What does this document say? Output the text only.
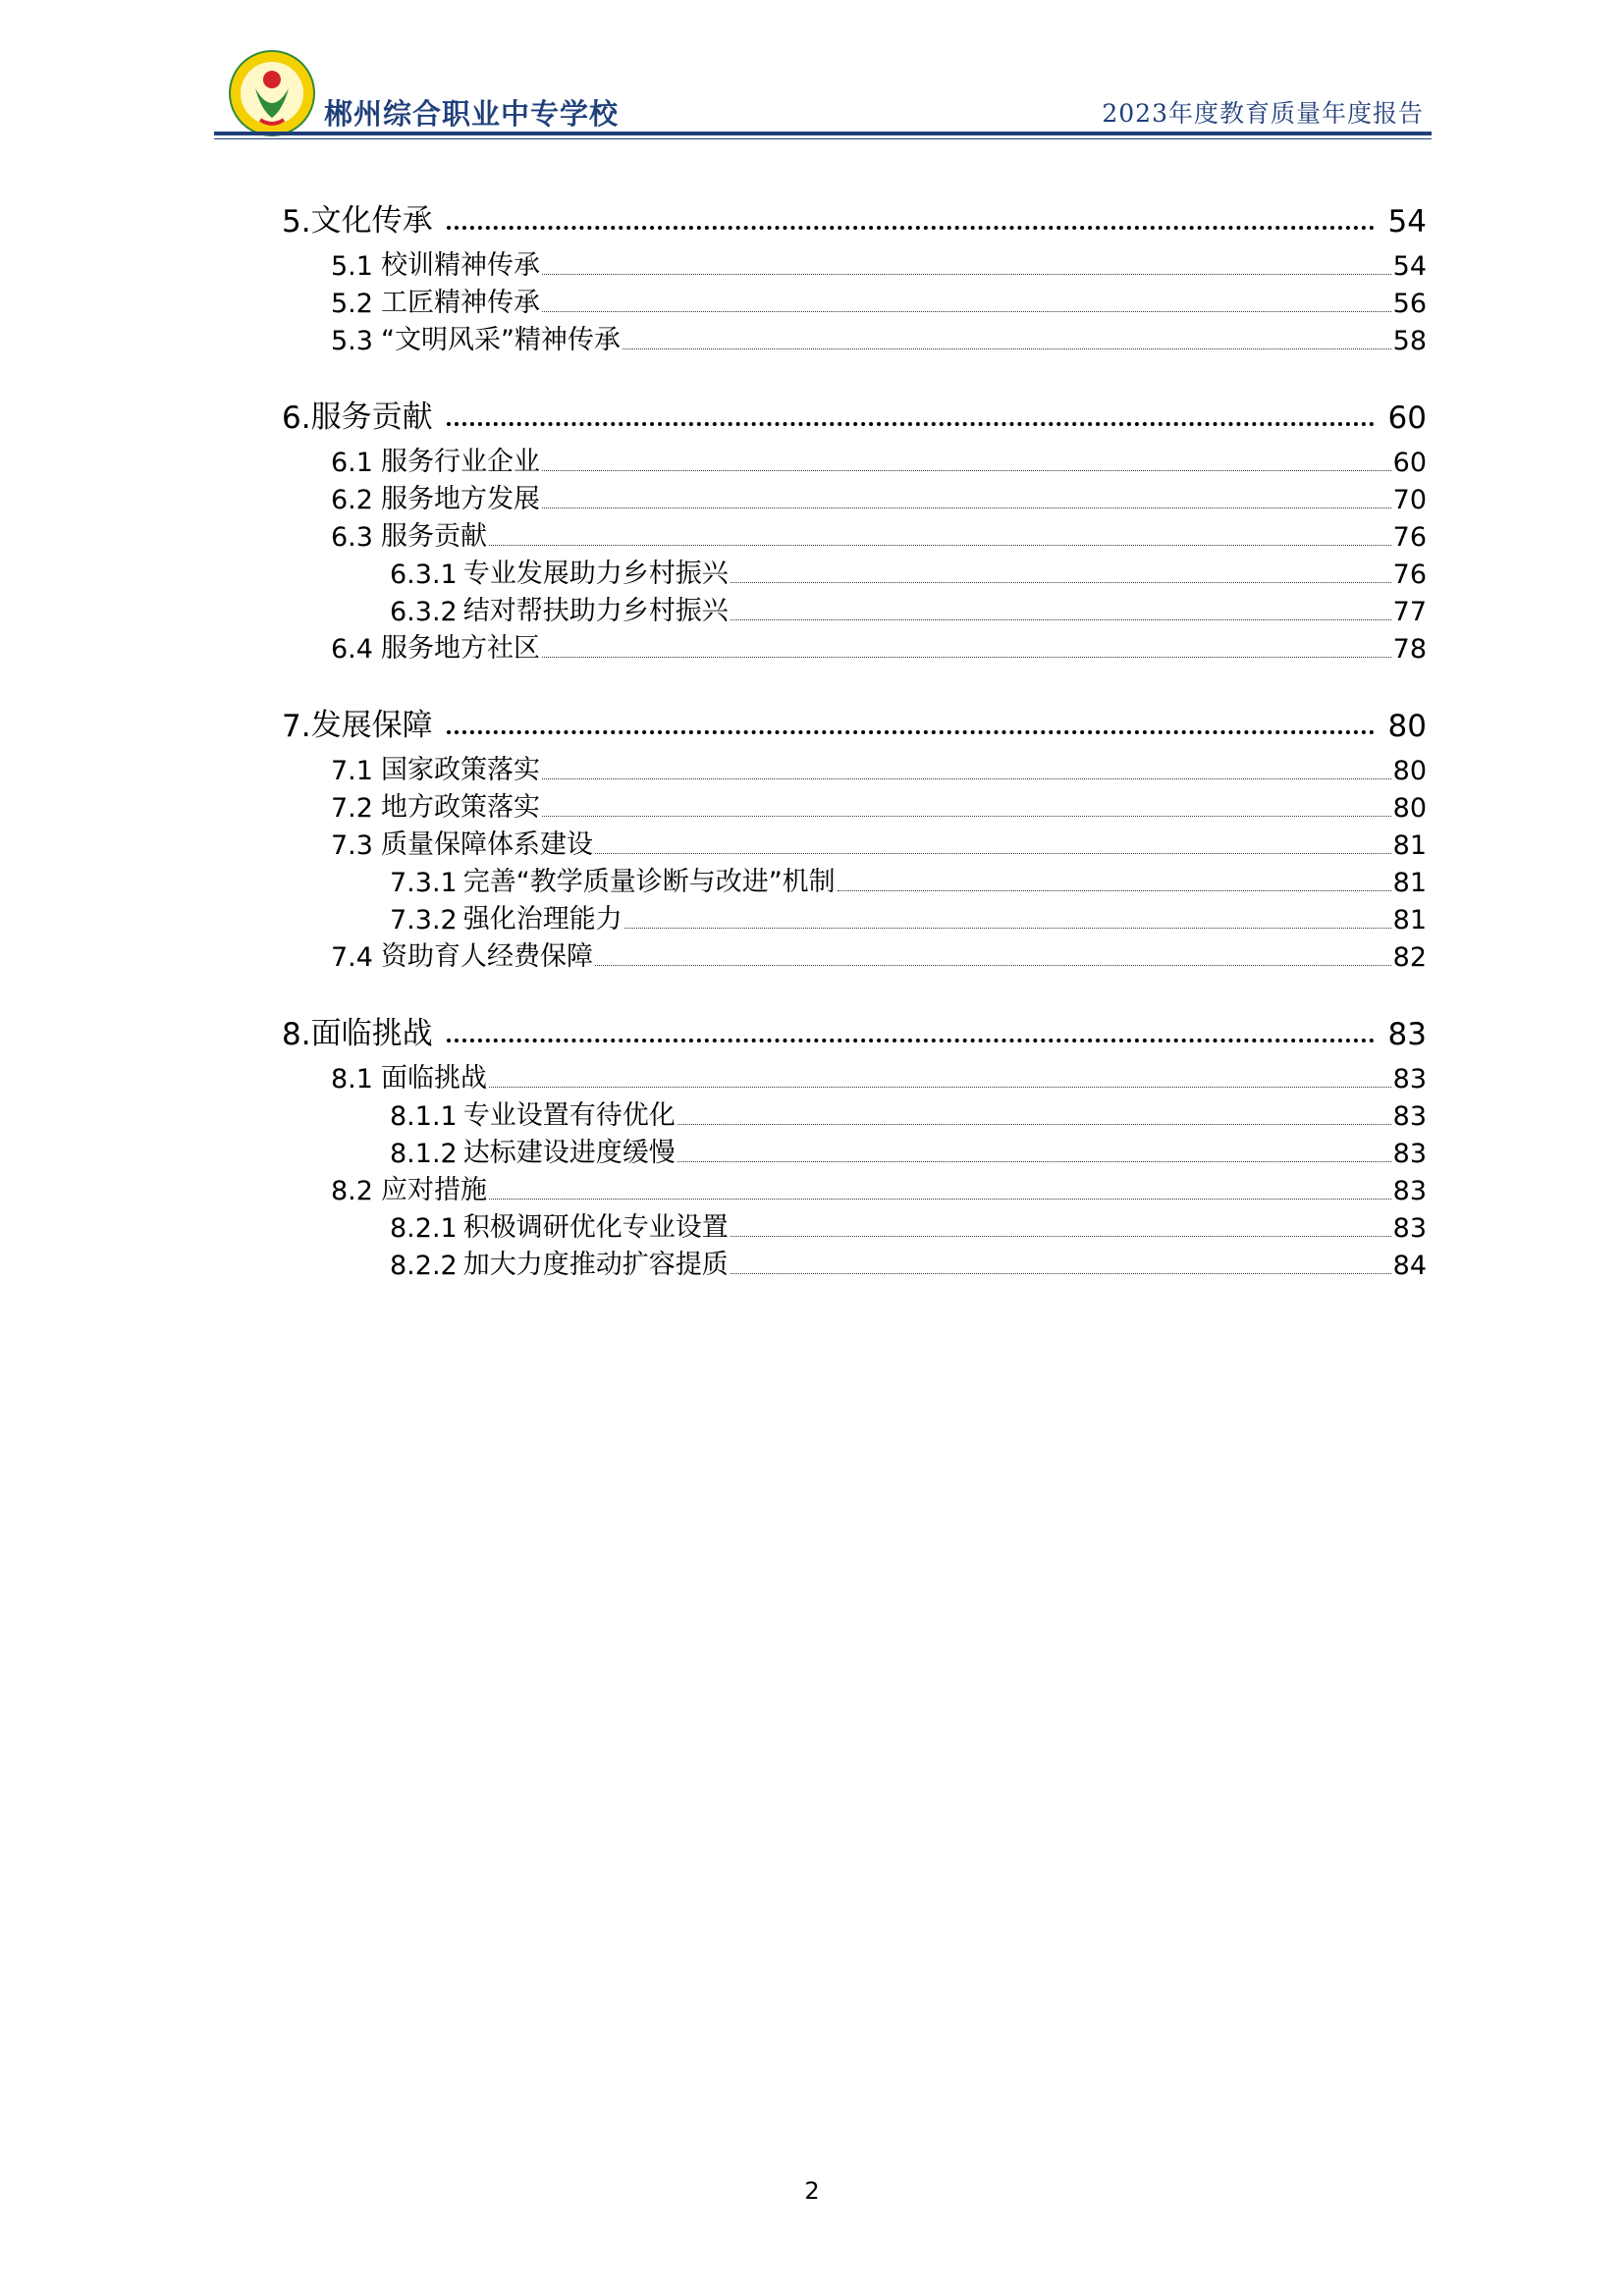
郴州综合职业中专学校	2023年度教育质量年度报告
5. 文化传承	54
5.1 校训精神传承	54
5.2 工匠精神传承	56
5.3 “文明风采”精神传承	58
6. 服务贡献	60
6.1 服务行业企业	60
6.2 服务地方发展	70
6.3 服务贡献	76
6.3.1 专业发展助力乡村振兴	76
6.3.2 结对帮扶助力乡村振兴	77
6.4 服务地方社区	78
7. 发展保障	80
7.1 国家政策落实	80
7.2 地方政策落实	80
7.3 质量保障体系建设	81
7.3.1 完善“教学质量诊断与改进”机制	81
7.3.2 强化治理能力	81
7.4 资助育人经费保障	82
8. 面临挑战	83
8.1 面临挑战	83
8.1.1 专业设置有待优化	83
8.1.2 达标建设进度缓慢	83
8.2 应对措施	83
8.2.1 积极调研优化专业设置	83
8.2.2 加大力度推动扩容提质	84
2
